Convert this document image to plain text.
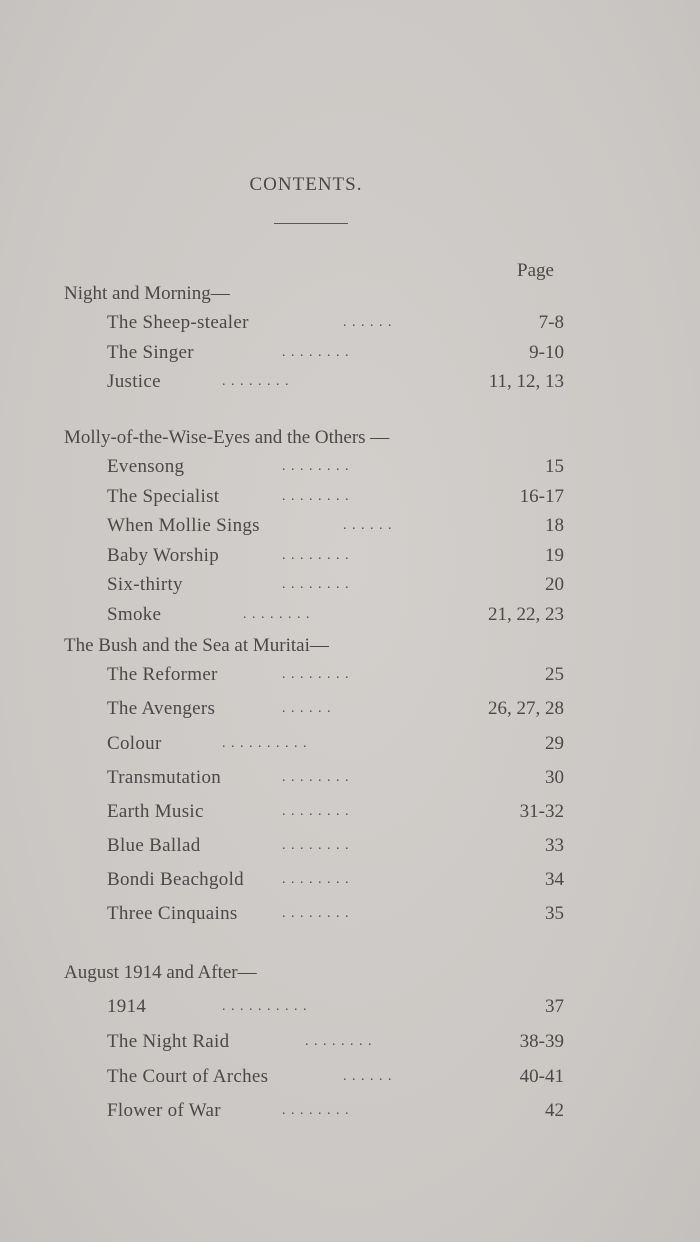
CONTENTS.
Page
Night and Morning—
The Sheep-stealer	. . . . . .	7-8
The Singer	. . . . . . . .	9-10
Justice	. . . . . . . .	11, 12, 13
Molly-of-the-Wise-Eyes and the Others —
Evensong	. . . . . . . .	15
The Specialist	. . . . . . . .	16-17
When Mollie Sings	. . . . . .	18
Baby Worship	. . . . . . . .	19
Six-thirty	. . . . . . . .	20
Smoke	. . . . . . . .	21, 22, 23
The Bush and the Sea at Muritai—
The Reformer	. . . . . . . .	25
The Avengers	. . . . . .	26, 27, 28
Colour	. . . . . . . . . .	29
Transmutation	. . . . . . . .	30
Earth Music	. . . . . . . .	31-32
Blue Ballad	. . . . . . . .	33
Bondi Beachgold	. . . . . . . .	34
Three Cinquains	. . . . . . . .	35
August 1914 and After—
1914	. . . . . . . . . .	37
The Night Raid	. . . . . . . .	38-39
The Court of Arches	. . . . . .	40-41
Flower of War	. . . . . . . .	42
